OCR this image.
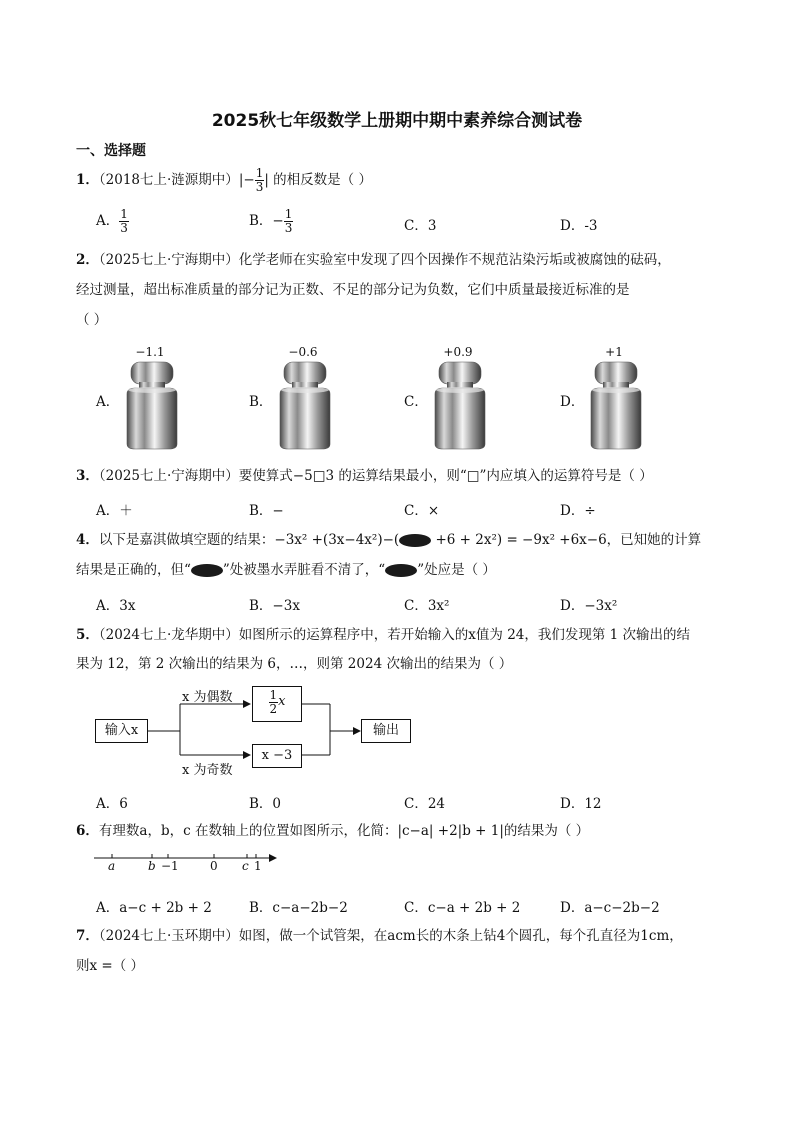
2025秋七年级数学上册期中期中素养综合测试卷
一、选择题
1．（2018七上·涟源期中）|− $\frac{1}{3}$ | 的相反数是（ ）
A． $\frac{1}{3}$	B．− $\frac{1}{3}$	C．3	D．-3
2．（2025七上·宁海期中）化学老师在实验室中发现了四个因操作不规范沾染污垢或被腐蚀的砝码，
经过测量，超出标准质量的部分记为正数、不足的部分记为负数，它们中质量最接近标准的是
（ ）
A．
−1.1
B．
−0.6
C．
+0.9
D．
+1
3．（2025七上·宁海期中）要使算式−5□3 的运算结果最小，则“□”内应填入的运算符号是（ ）
A．＋	B．−	C．×	D．÷
4．以下是嘉淇做填空题的结果：−3x² +(3x−4x²)−( +6 + 2x²) = −9x² +6x−6，已知她的计算
结果是正确的，但“ ”处被墨水弄脏看不清了，“ ”处应是（ ）
A．3x	B．−3x	C．3x²	D．−3x²
5．（2024七上·龙华期中）如图所示的运算程序中，若开始输入的x值为 24，我们发现第 1 次输出的结
果为 12，第 2 次输出的结果为 6，…，则第 2024 次输出的结果为（ ）
输入x
x 为偶数
x 为奇数
$\frac{1}{2}$ x
x −3
输出
A．6	B．0	C．24	D．12
6．有理数a，b，c 在数轴上的位置如图所示，化简：|c−a| +2|b + 1|的结果为（ ）
a	b −1	0 c 1
A．a−c + 2b + 2	B．c−a−2b−2	C．c−a + 2b + 2	D．a−c−2b−2
7．（2024七上·玉环期中）如图，做一个试管架，在acm长的木条上钻4个圆孔，每个孔直径为1cm，
则x =（ ）
